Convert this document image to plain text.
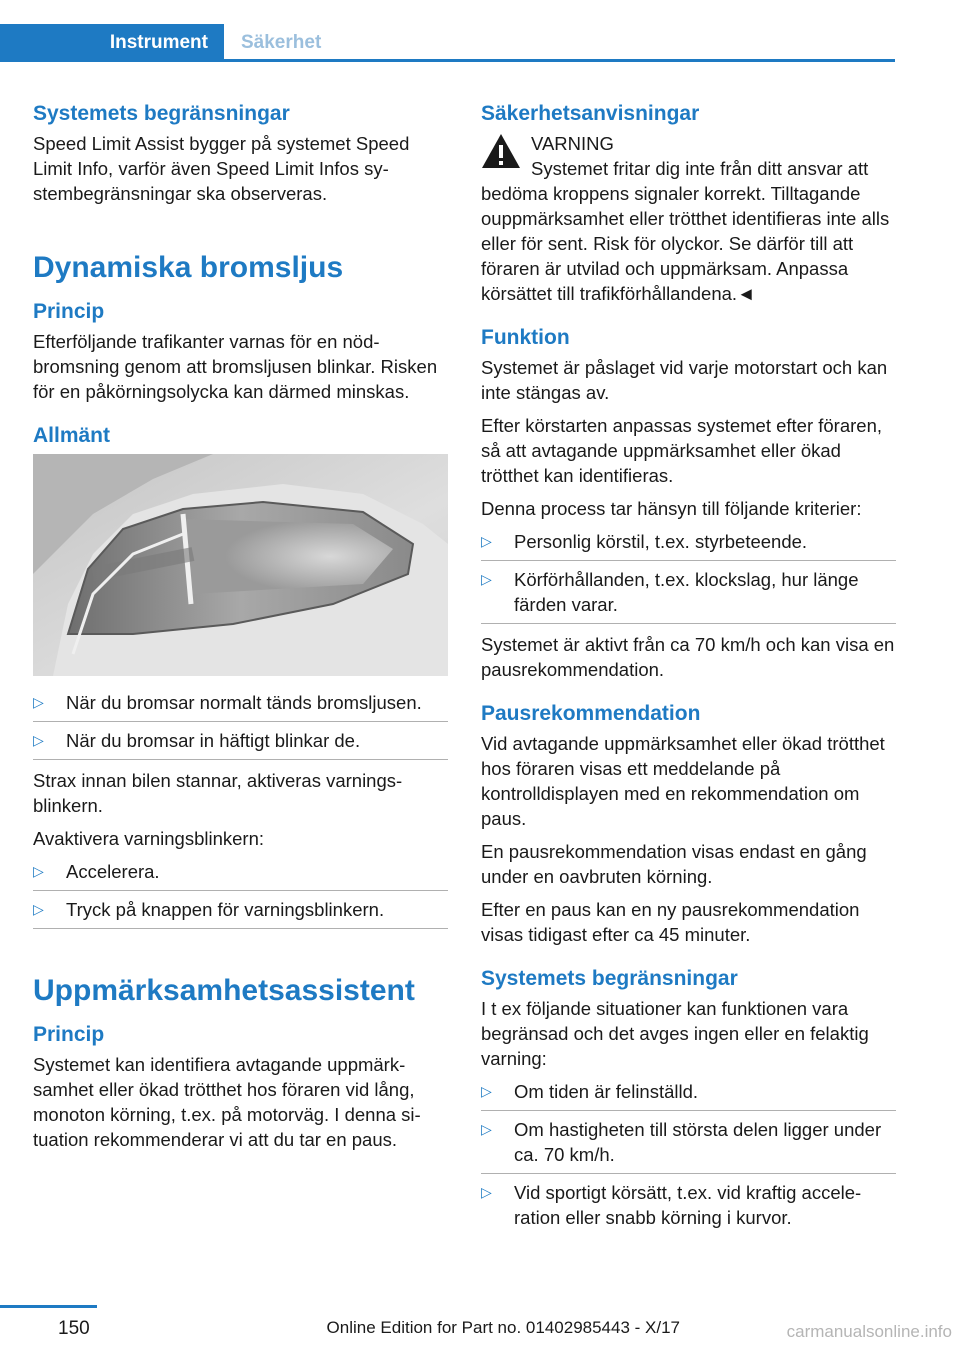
Instrument	Säkerhet
Systemets begränsningar

Speed Limit Assist bygger på systemet Speed Limit Info, varför även Speed Limit Infos systembegränsningar ska observeras.

Dynamiska bromsljus
Princip

Efterföljande trafikanter varnas för en nödbromsning genom att bromsljusen blinkar. Risken för en påkörningsolycka kan därmed minskas.

Allmänt
▷ När du bromsar normalt tänds bromsljusen.
▷ När du bromsar in häftigt blinkar de.

Strax innan bilen stannar, aktiveras varningsblinkern.

Avaktivera varningsblinkern:

▷ Accelerera.
▷ Tryck på knappen för varningsblinkern.
Uppmärksamhetsassistent
Princip

Systemet kan identifiera avtagande uppmärksamhet eller ökad trötthet hos föraren vid lång, monoton körning, t.ex. på motorväg. I denna situation rekommenderar vi att du tar en paus.

Säkerhetsanvisningar

VARNING

Systemet fritar dig inte från ditt ansvar att bedöma kroppens signaler korrekt. Tilltagande ouppmärksamhet eller trötthet identifieras inte alls eller för sent. Risk för olyckor. Se därför till att föraren är utvilad och uppmärksam. Anpassa körsättet till trafikförhållandena.◄

Funktion

Systemet är påslaget vid varje motorstart och kan inte stängas av.

Efter körstarten anpassas systemet efter föraren, så att avtagande uppmärksamhet eller ökad trötthet kan identifieras.

Denna process tar hänsyn till följande kriterier:

▷ Personlig körstil, t.ex. styrbeteende.
▷ Körförhållanden, t.ex. klockslag, hur länge färden varar.

Systemet är aktivt från ca 70 km/h och kan visa en pausrekommendation.

Pausrekommendation

Vid avtagande uppmärksamhet eller ökad trötthet hos föraren visas ett meddelande på kontrolldisplayen med en rekommendation om paus.

En pausrekommendation visas endast en gång under en oavbruten körning.

Efter en paus kan en ny pausrekommendation visas tidigast efter ca 45 minuter.

Systemets begränsningar

I t ex följande situationer kan funktionen vara begränsad och det avges ingen eller en felaktig varning:

▷ Om tiden är felinställd.
▷ Om hastigheten till största delen ligger under ca. 70 km/h.
▷ Vid sportigt körsätt, t.ex. vid kraftig acceleration eller snabb körning i kurvor.
150	Online Edition for Part no. 01402985443 - X/17	carmanualsonline.info
